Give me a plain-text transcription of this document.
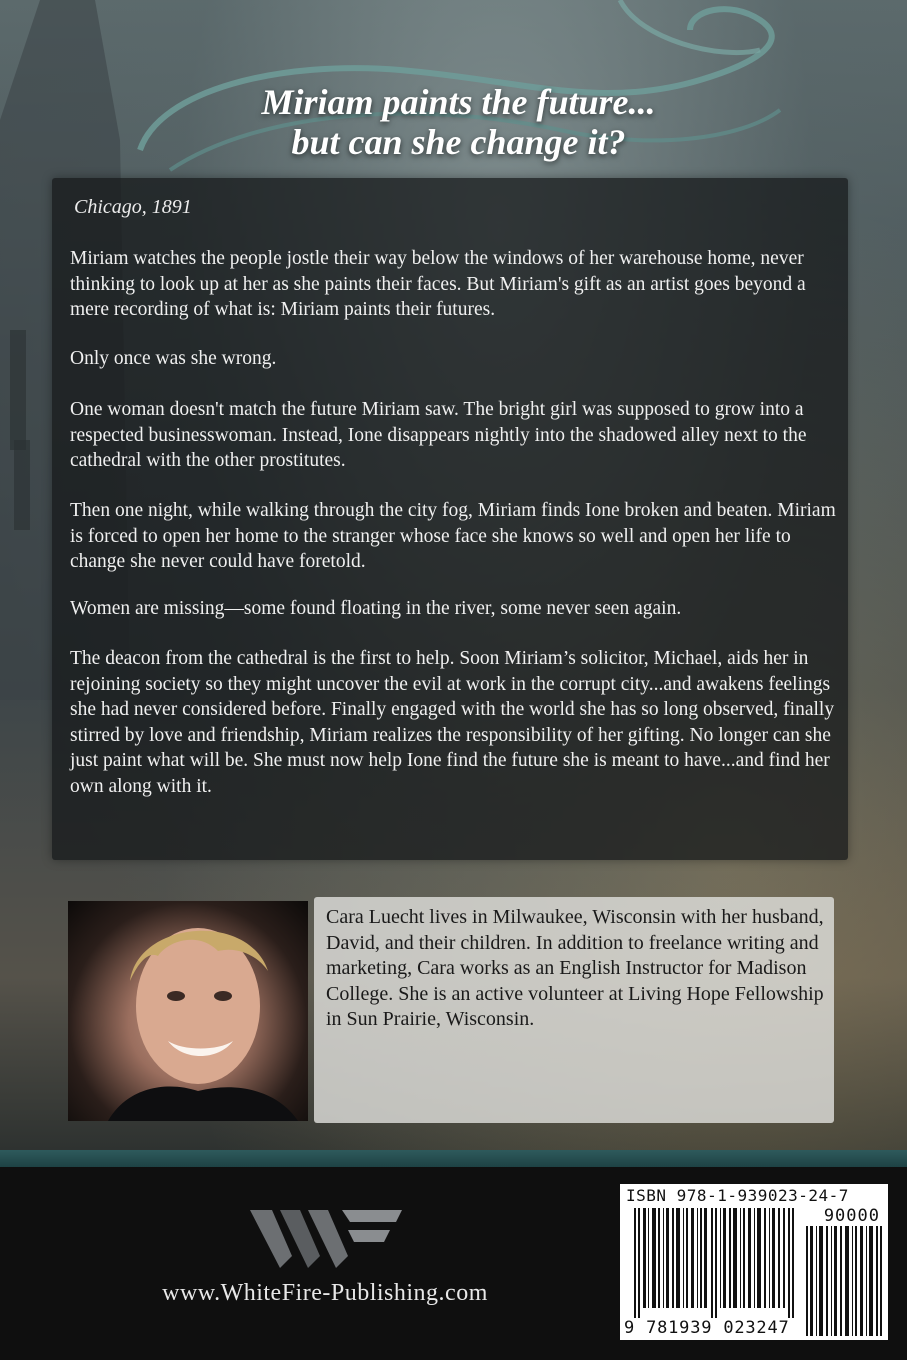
Miriam paints the future...
but can she change it?
Chicago, 1891

Miriam watches the people jostle their way below the windows of her warehouse home, never thinking to look up at her as she paints their faces. But Miriam's gift as an artist goes beyond a mere recording of what is: Miriam paints their futures.

Only once was she wrong.

One woman doesn't match the future Miriam saw. The bright girl was supposed to grow into a respected businesswoman. Instead, Ione disappears nightly into the shadowed alley next to the cathedral with the other prostitutes.

Then one night, while walking through the city fog, Miriam finds Ione broken and beaten. Miriam is forced to open her home to the stranger whose face she knows so well and open her life to change she never could have foretold.

Women are missing—some found floating in the river, some never seen again.

The deacon from the cathedral is the first to help. Soon Miriam’s solicitor, Michael, aids her in rejoining society so they might uncover the evil at work in the corrupt city...and awakens feelings she had never considered before. Finally engaged with the world she has so long observed, finally stirred by love and friendship, Miriam realizes the responsibility of her gifting. No longer can she just paint what will be. She must now help Ione find the future she is meant to have...and find her own along with it.

Cara Luecht lives in Milwaukee, Wisconsin with her husband, David, and their children. In addition to freelance writing and marketing, Cara works as an English Instructor for Madison College. She is an active volunteer at Living Hope Fellowship in Sun Prairie, Wisconsin.

www.WhiteFire-Publishing.com
ISBN 978-1-939023-24-7
90000
9 781939 023247
